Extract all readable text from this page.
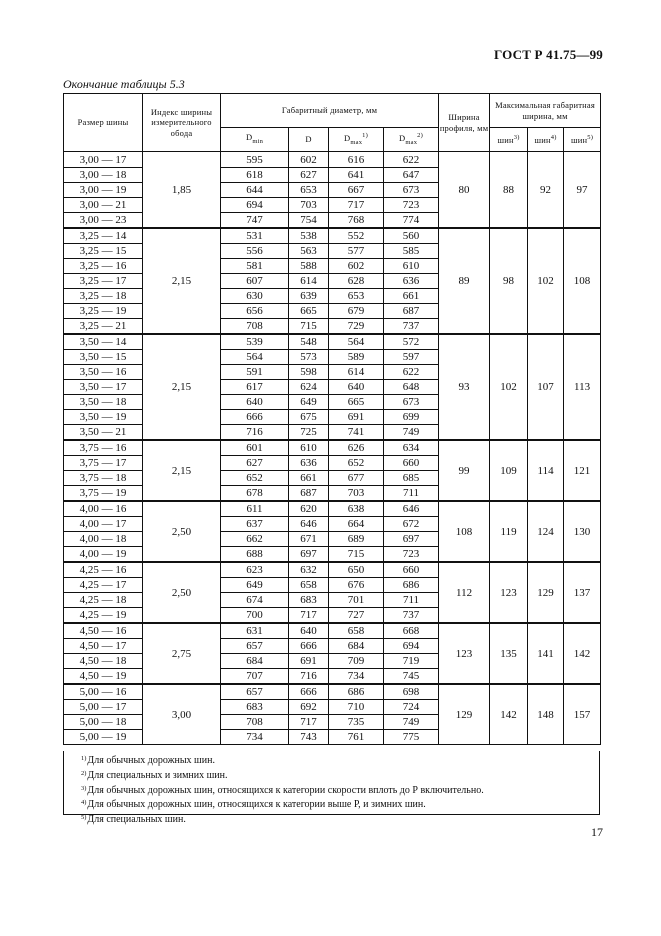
ГОСТ Р 41.75—99
Окончание таблицы 5.3
Размер шины	Индекс ширины измерительного обода	Габаритный диаметр, мм				Ширина профиля, мм	Максимальная габаритная ширина, мм		
		$D_{min}$	D	$D_{max}^{1)}$	$D_{max}^{2)}$		шин$^{3)}$	шин$^{4)}$	шин$^{5)}$
3,00 — 17	1,85	595	602	616	622	80	88	92	97
3,00 — 18		618	627	641	647				
3,00 — 19		644	653	667	673				
3,00 — 21		694	703	717	723				
3,00 — 23		747	754	768	774				
3,25 — 14	2,15	531	538	552	560	89	98	102	108
3,25 — 15		556	563	577	585				
3,25 — 16		581	588	602	610				
3,25 — 17		607	614	628	636				
3,25 — 18		630	639	653	661				
3,25 — 19		656	665	679	687				
3,25 — 21		708	715	729	737				
3,50 — 14	2,15	539	548	564	572	93	102	107	113
3,50 — 15		564	573	589	597				
3,50 — 16		591	598	614	622				
3,50 — 17		617	624	640	648				
3,50 — 18		640	649	665	673				
3,50 — 19		666	675	691	699				
3,50 — 21		716	725	741	749				
3,75 — 16	2,15	601	610	626	634	99	109	114	121
3,75 — 17		627	636	652	660				
3,75 — 18		652	661	677	685				
3,75 — 19		678	687	703	711				
4,00 — 16	2,50	611	620	638	646	108	119	124	130
4,00 — 17		637	646	664	672				
4,00 — 18		662	671	689	697				
4,00 — 19		688	697	715	723				
4,25 — 16	2,50	623	632	650	660	112	123	129	137
4,25 — 17		649	658	676	686				
4,25 — 18		674	683	701	711				
4,25 — 19		700	717	727	737				
4,50 — 16	2,75	631	640	658	668	123	135	141	142
4,50 — 17		657	666	684	694				
4,50 — 18		684	691	709	719				
4,50 — 19		707	716	734	745				
5,00 — 16	3,00	657	666	686	698	129	142	148	157
5,00 — 17		683	692	710	724				
5,00 — 18		708	717	735	749				
5,00 — 19		734	743	761	775				
$^{1)}$Для обычных дорожных шин.
$^{2)}$Для специальных и зимних шин.
$^{3)}$Для обычных дорожных шин, относящихся к категории скорости вплоть до Р включительно.
$^{4)}$Для обычных дорожных шин, относящихся к категории выше Р, и зимних шин.
$^{5)}$Для специальных шин.
17
